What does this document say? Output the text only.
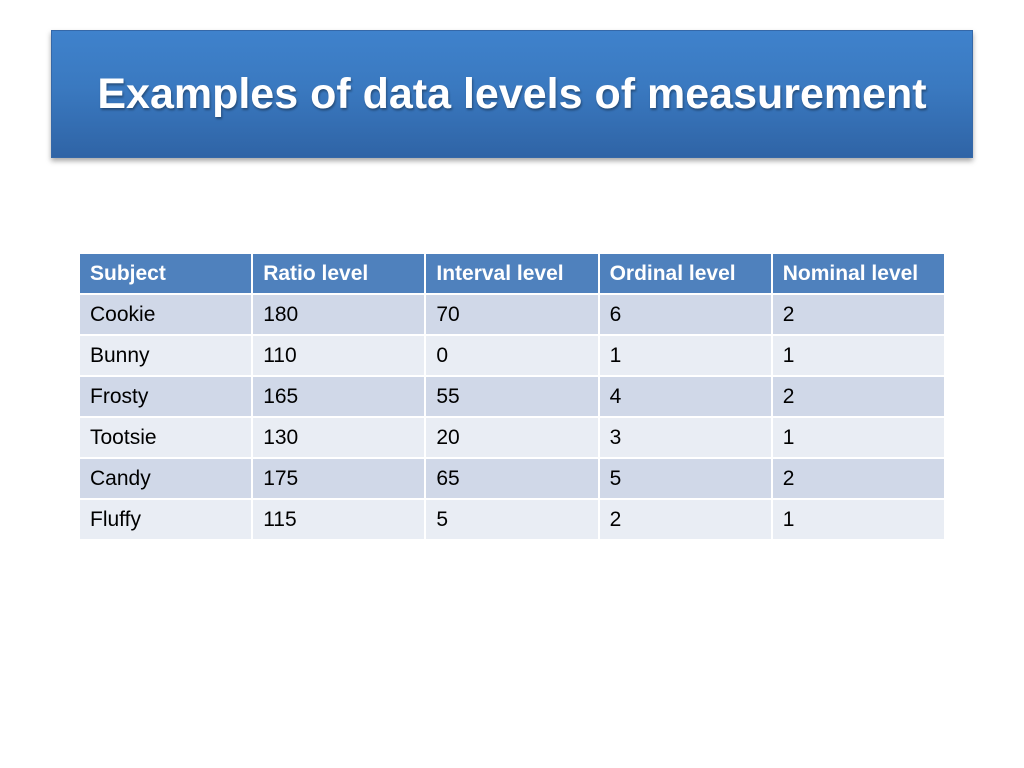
Examples of data levels of measurement
Subject	Ratio level	Interval level	Ordinal level	Nominal level
Cookie	180	70	6	2
Bunny	110	0	1	1
Frosty	165	55	4	2
Tootsie	130	20	3	1
Candy	175	65	5	2
Fluffy	115	5	2	1
